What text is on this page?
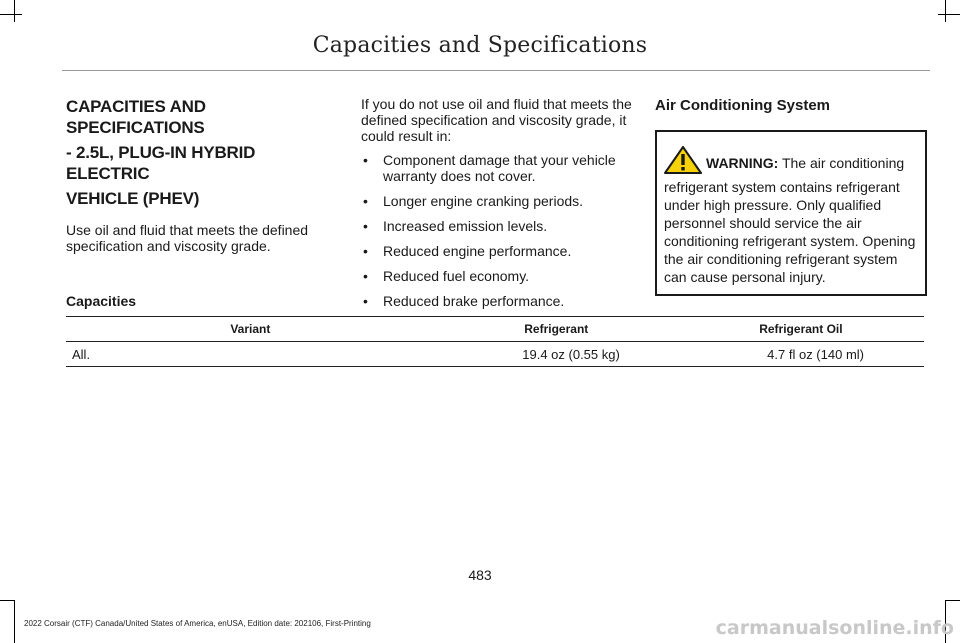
Capacities and Specifications
CAPACITIES AND SPECIFICATIONS
- 2.5L, PLUG-IN HYBRID ELECTRIC
VEHICLE (PHEV)

Use oil and fluid that meets the defined specification and viscosity grade.

If you do not use oil and fluid that meets the defined specification and viscosity grade, it could result in:

• Component damage that your vehicle warranty does not cover.
• Longer engine cranking periods.
• Increased emission levels.
• Reduced engine performance.
• Reduced fuel economy.
• Reduced brake performance.
Air Conditioning System
WARNING: The air conditioning refrigerant system contains refrigerant under high pressure. Only qualified personnel should service the air conditioning refrigerant system. Opening the air conditioning refrigerant system can cause personal injury.
Capacities
Variant	Refrigerant	Refrigerant Oil
All.	19.4 oz (0.55 kg)	4.7 fl oz (140 ml)
483
2022 Corsair (CTF) Canada/United States of America, enUSA, Edition date: 202106, First-Printing	carmanualsonline.info
